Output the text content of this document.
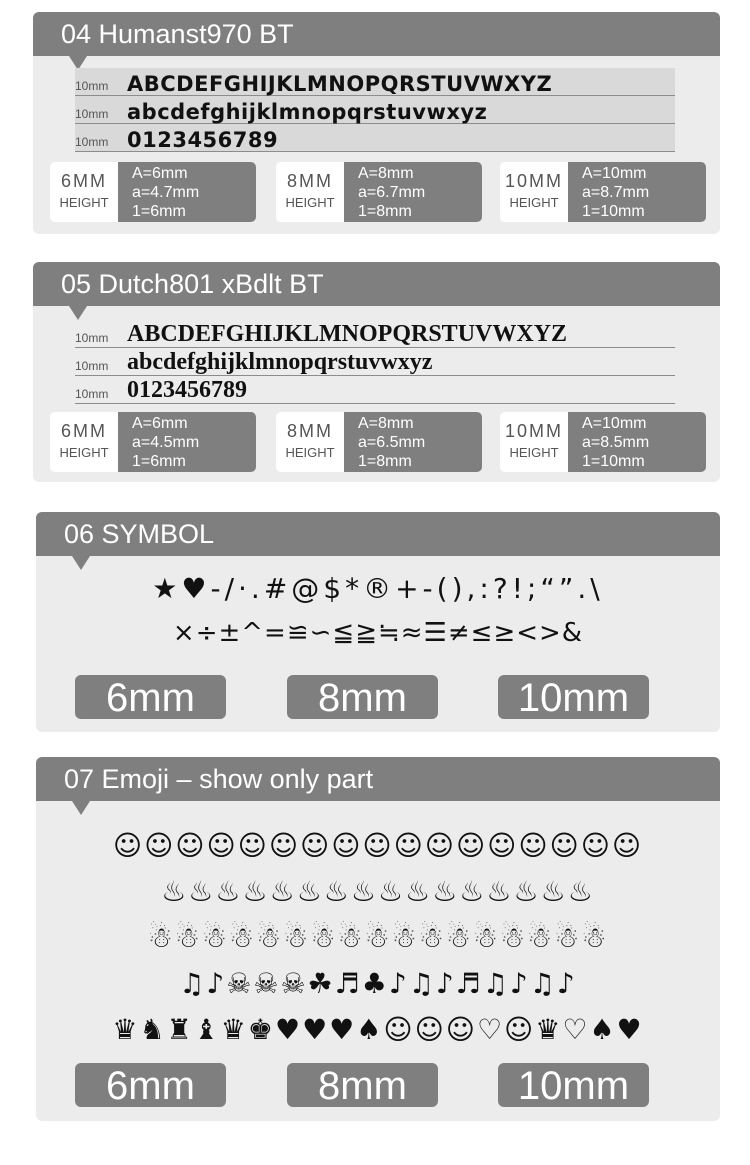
04 Humanst970 BT
10mm ABCDEFGHIJKLMNOPQRSTUVWXYZ
10mm abcdefghijklmnopqrstuvwxyz
10mm 0123456789
6MM
HEIGHT
A=6mm
a=4.7mm
1=6mm
8MM
HEIGHT
A=8mm
a=6.7mm
1=8mm
10MM
HEIGHT
A=10mm
a=8.7mm
1=10mm
05 Dutch801 xBdlt BT
10mm ABCDEFGHIJKLMNOPQRSTUVWXYZ
10mm abcdefghijklmnopqrstuvwxyz
10mm 0123456789
6MM
HEIGHT
A=6mm
a=4.5mm
1=6mm
8MM
HEIGHT
A=8mm
a=6.5mm
1=8mm
10MM
HEIGHT
A=10mm
a=8.5mm
1=10mm
06 SYMBOL
★♥-/·.#@$*®+-(),:?!;“”.\
×÷±^=≌∽≦≧≒≈☰≠≤≥<>&
6mm	8mm	10mm
07 Emoji – show only part
☺☺☺☺☺☺☺☺☺☺☺☺☺☺☺☺☺
♨♨♨♨♨♨♨♨♨♨♨♨♨♨♨♨
☃☃☃☃☃☃☃☃☃☃☃☃☃☃☃☃☃
♫♪☠☠☠☘♬♣♪♫♪♬♫♪♫♪
♛♞♜♝♛♚♥♥♥♠☺☺☺♡☺♛♡♠♥
6mm	8mm	10mm
